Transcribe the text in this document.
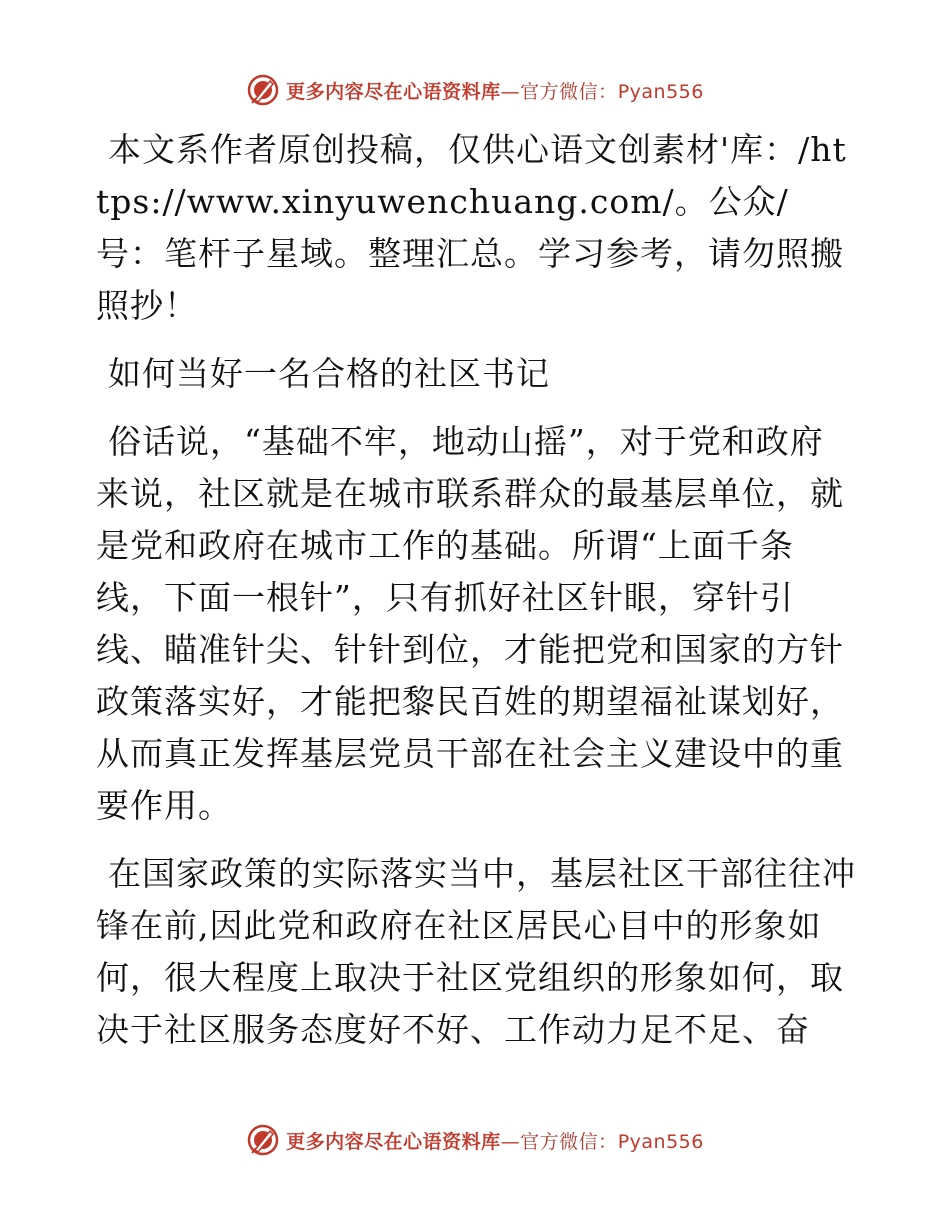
更多内容尽在心语资料库—官方微信：Pyan556

本文系作者原创投稿，仅供心语文创素材'库：/https://www.xinyuwenchuang.com/。公众/号：笔杆子星域。整理汇总。学习参考，请勿照搬照抄！

如何当好一名合格的社区书记

俗话说，“基础不牢，地动山摇”，对于党和政府来说，社区就是在城市联系群众的最基层单位，就是党和政府在城市工作的基础。所谓“上面千条线，下面一根针”，只有抓好社区针眼，穿针引线、瞄准针尖、针针到位，才能把党和国家的方针政策落实好，才能把黎民百姓的期望福祉谋划好，从而真正发挥基层党员干部在社会主义建设中的重要作用。

在国家政策的实际落实当中，基层社区干部往往冲锋在前,因此党和政府在社区居民心目中的形象如何，很大程度上取决于社区党组织的形象如何，取决于社区服务态度好不好、工作动力足不足、奋

更多内容尽在心语资料库—官方微信：Pyan556
